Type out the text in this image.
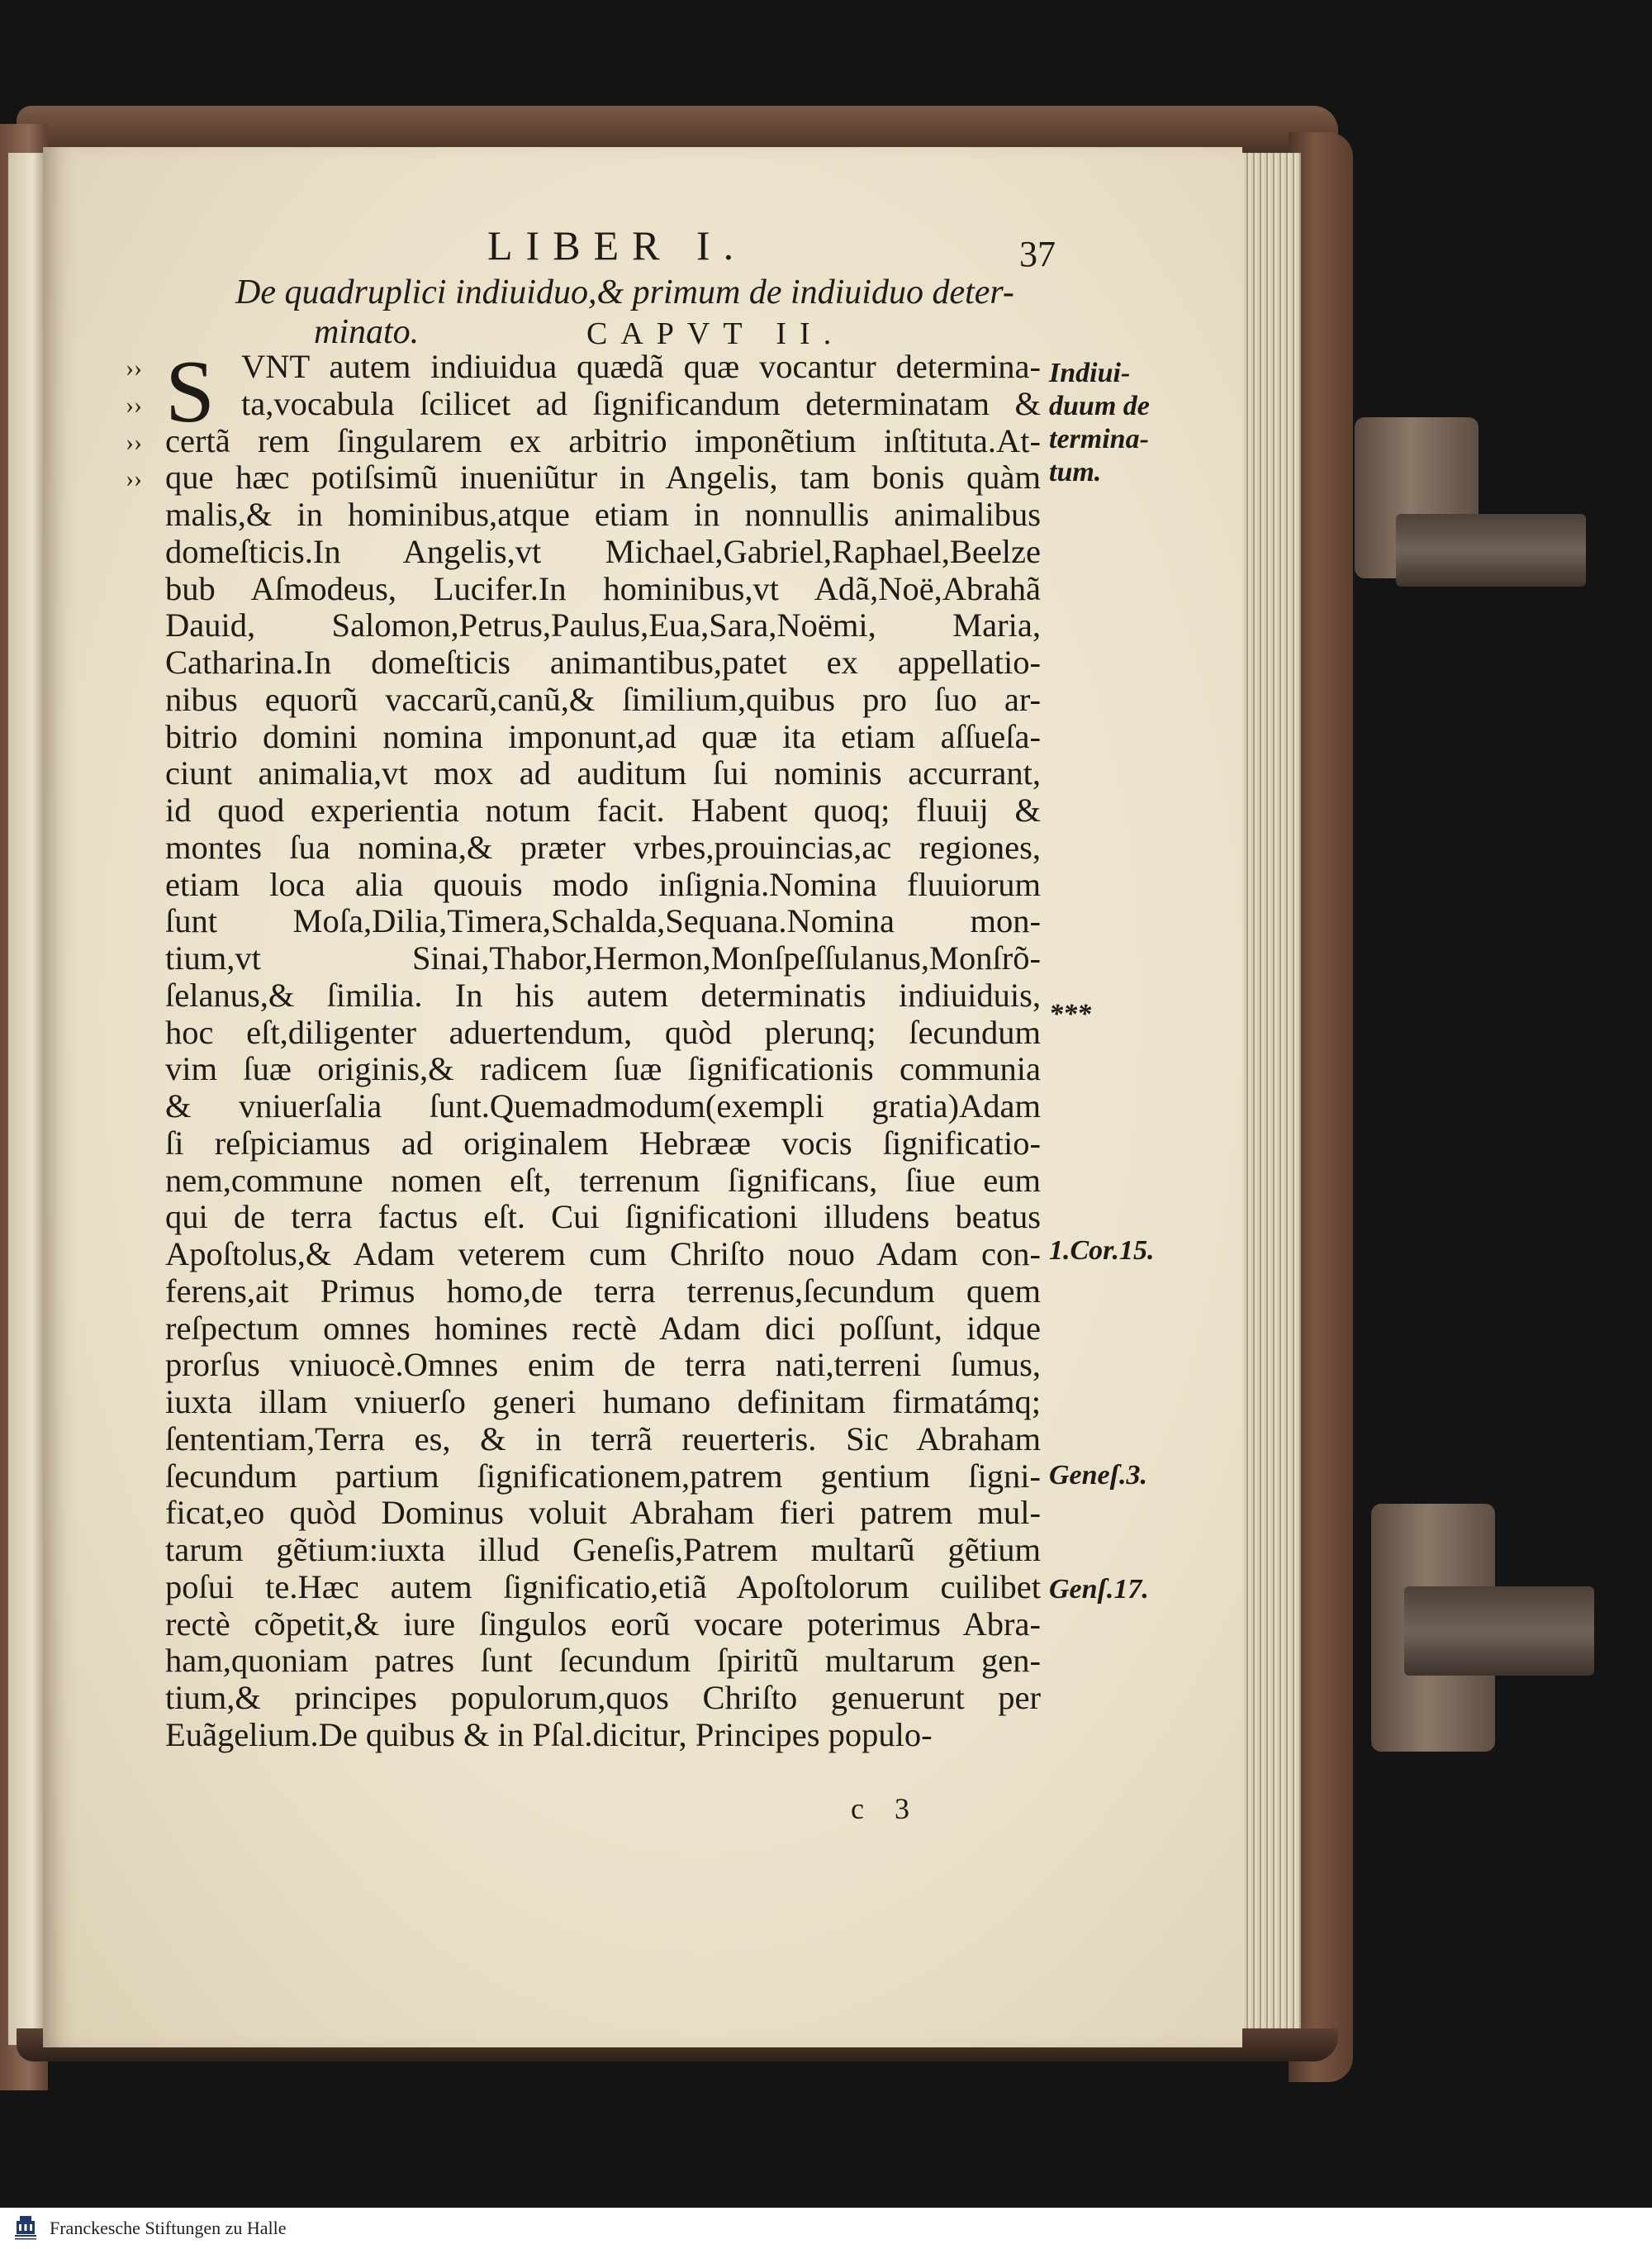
LIBER I.	37
De quadruplici indiuiduo,& primum de indiuiduo deter-
minato.	CAPVT II.
››
››
››
››
S VNT autem indiuidua quædã quæ vocantur determina-
ta,vocabula ſcilicet ad ſignificandum determinatam &
certã rem ſingularem ex arbitrio imponẽtium inſtituta.At-
que hæc potiſsimũ inueniũtur in Angelis, tam bonis quàm
malis,& in hominibus,atque etiam in nonnullis animalibus
domeſticis.In Angelis,vt Michael,Gabriel,Raphael,Beelze
bub Aſmodeus, Lucifer.In hominibus,vt Adã,Noë,Abrahã
Dauid, Salomon,Petrus,Paulus,Eua,Sara,Noëmi, Maria,
Catharina.In domeſticis animantibus,patet ex appellatio-
nibus equorũ vaccarũ,canũ,& ſimilium,quibus pro ſuo ar-
bitrio domini nomina imponunt,ad quæ ita etiam aſſueſa-
ciunt animalia,vt mox ad auditum ſui nominis accurrant,
id quod experientia notum facit. Habent quoq; fluuij &
montes ſua nomina,& præter vrbes,prouincias,ac regiones,
etiam loca alia quouis modo inſignia.Nomina fluuiorum
ſunt Moſa,Dilia,Timera,Schalda,Sequana.Nomina mon-
tium,vt Sinai,Thabor,Hermon,Monſpeſſulanus,Monſrõ-
ſelanus,& ſimilia. In his autem determinatis indiuiduis,
hoc eſt,diligenter aduertendum, quòd plerunq; ſecundum
vim ſuæ originis,& radicem ſuæ ſignificationis communia
& vniuerſalia ſunt.Quemadmodum(exempli gratia)Adam
ſi reſpiciamus ad originalem Hebrææ vocis ſignificatio-
nem,commune nomen eſt, terrenum ſignificans, ſiue eum
qui de terra factus eſt. Cui ſignificationi illudens beatus
Apoſtolus,& Adam veterem cum Chriſto nouo Adam con-
ferens,ait Primus homo,de terra terrenus,ſecundum quem
reſpectum omnes homines rectè Adam dici poſſunt, idque
prorſus vniuocè.Omnes enim de terra nati,terreni ſumus,
iuxta illam vniuerſo generi humano definitam firmatámq;
ſententiam,Terra es, & in terrã reuerteris. Sic Abraham
ſecundum partium ſignificationem,patrem gentium ſigni-
ficat,eo quòd Dominus voluit Abraham fieri patrem mul-
tarum gẽtium:iuxta illud Geneſis,Patrem multarũ gẽtium
poſui te.Hæc autem ſignificatio,etiã Apoſtolorum cuilibet
rectè cõpetit,& iure ſingulos eorũ vocare poterimus Abra-
ham,quoniam patres ſunt ſecundum ſpiritũ multarum gen-
tium,& principes populorum,quos Chriſto genuerunt per
Euãgelium.De quibus & in Pſal.dicitur, Principes populo-
Indiui-
duum de
termina-
tum.
***
1.Cor.15.
Geneſ.3.
Genſ.17.
c 3
Franckesche Stiftungen zu Halle
